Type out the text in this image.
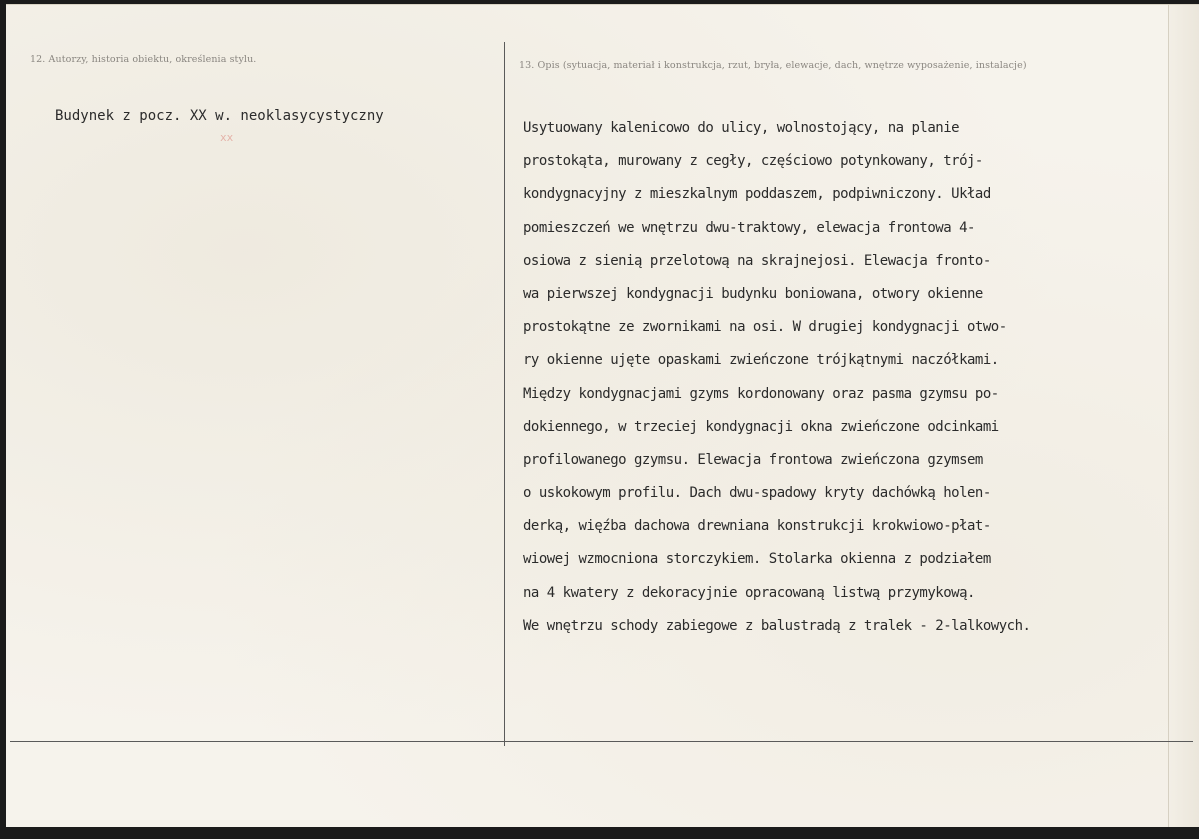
12. Autorzy, historia obiektu, określenia stylu.
13. Opis (sytuacja, materiał i konstrukcja, rzut, bryła, elewacje, dach, wnętrze wyposażenie, instalacje)
Budynek z pocz. XX w. neoklasycystyczny
xx
Usytuowany kalenicowo do ulicy, wolnostojący, na planie
prostokąta, murowany z cegły, częściowo potynkowany, trój-
kondygnacyjny z mieszkalnym poddaszem, podpiwniczony. Układ
pomieszczeń we wnętrzu dwu-traktowy, elewacja frontowa 4-
osiowa z sienią przelotową na skrajnejosi. Elewacja fronto-
wa pierwszej kondygnacji budynku boniowana, otwory okienne
prostokątne ze zwornikami na osi. W drugiej kondygnacji otwo-
ry okienne ujęte opaskami zwieńczone trójkątnymi naczółkami.
Między kondygnacjami gzyms kordonowany oraz pasma gzymsu po-
dokiennego, w trzeciej kondygnacji okna zwieńczone odcinkami
profilowanego gzymsu. Elewacja frontowa zwieńczona gzymsem
o uskokowym profilu. Dach dwu-spadowy kryty dachówką holen-
derką, więźba dachowa drewniana konstrukcji krokwiowo-płat-
wiowej wzmocniona storczykiem. Stolarka okienna z podziałem
na 4 kwatery z dekoracyjnie opracowaną listwą przymykową.
We wnętrzu schody zabiegowe z balustradą z tralek - 2-lalkowych.
